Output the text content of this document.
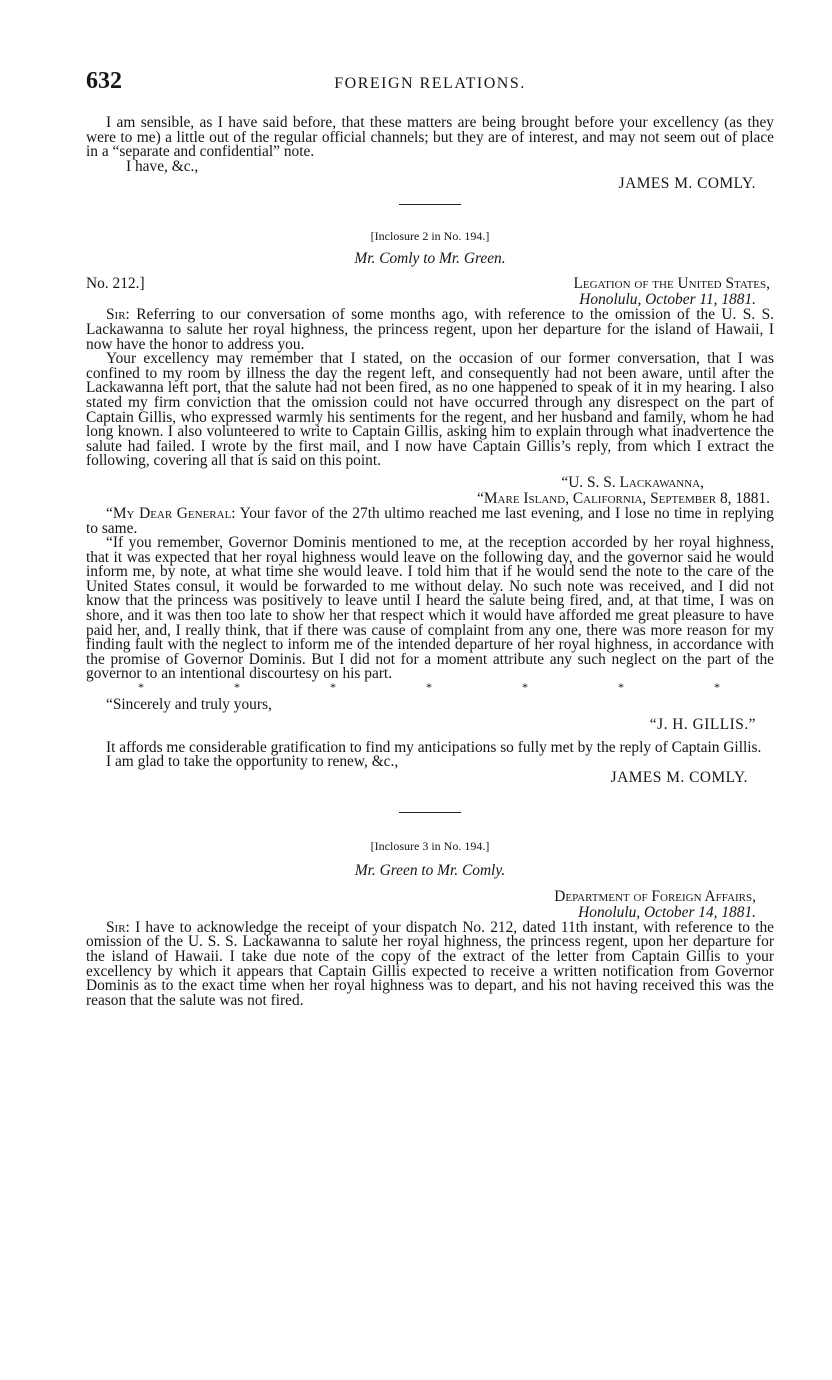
632	FOREIGN RELATIONS.

I am sensible, as I have said before, that these matters are being brought before your excellency (as they were to me) a little out of the regular official channels; but they are of interest, and may not seem out of place in a “separate and confidential” note.

I have, &c.,

JAMES M. COMLY.
[Inclosure 2 in No. 194.]
Mr. Comly to Mr. Green.
No. 212.]	Legation of the United States,
Honolulu, October 11, 1881.

Sir: Referring to our conversation of some months ago, with reference to the omission of the U. S. S. Lackawanna to salute her royal highness, the princess regent, upon her departure for the island of Hawaii, I now have the honor to address you.

Your excellency may remember that I stated, on the occasion of our former conversation, that I was confined to my room by illness the day the regent left, and consequently had not been aware, until after the Lackawanna left port, that the salute had not been fired, as no one happened to speak of it in my hearing. I also stated my firm conviction that the omission could not have occurred through any disrespect on the part of Captain Gillis, who expressed warmly his sentiments for the regent, and her husband and family, whom he had long known. I also volunteered to write to Captain Gillis, asking him to explain through what inadvertence the salute had failed. I wrote by the first mail, and I now have Captain Gillis’s reply, from which I extract the following, covering all that is said on this point.

“U. S. S. Lackawanna,
“Mare Island, California, September 8, 1881.

“My Dear General: Your favor of the 27th ultimo reached me last evening, and I lose no time in replying to same.

“If you remember, Governor Dominis mentioned to me, at the reception accorded by her royal highness, that it was expected that her royal highness would leave on the following day, and the governor said he would inform me, by note, at what time she would leave. I told him that if he would send the note to the care of the United States consul, it would be forwarded to me without delay. No such note was received, and I did not know that the princess was positively to leave until I heard the salute being fired, and, at that time, I was on shore, and it was then too late to show her that respect which it would have afforded me great pleasure to have paid her, and, I really think, that if there was cause of complaint from any one, there was more reason for my finding fault with the neglect to inform me of the intended departure of her royal highness, in accordance with the promise of Governor Dominis. But I did not for a moment attribute any such neglect on the part of the governor to an intentional discourtesy on his part.

*	*	*	*	*	*	*

“Sincerely and truly yours,

“J. H. GILLIS.”

It affords me considerable gratification to find my anticipations so fully met by the reply of Captain Gillis.

I am glad to take the opportunity to renew, &c.,

JAMES M. COMLY.
[Inclosure 3 in No. 194.]
Mr. Green to Mr. Comly.
Department of Foreign Affairs,
Honolulu, October 14, 1881.

Sir: I have to acknowledge the receipt of your dispatch No. 212, dated 11th instant, with reference to the omission of the U. S. S. Lackawanna to salute her royal highness, the princess regent, upon her departure for the island of Hawaii. I take due note of the copy of the extract of the letter from Captain Gillis to your excellency by which it appears that Captain Gillis expected to receive a written notification from Governor Dominis as to the exact time when her royal highness was to depart, and his not having received this was the reason that the salute was not fired.
